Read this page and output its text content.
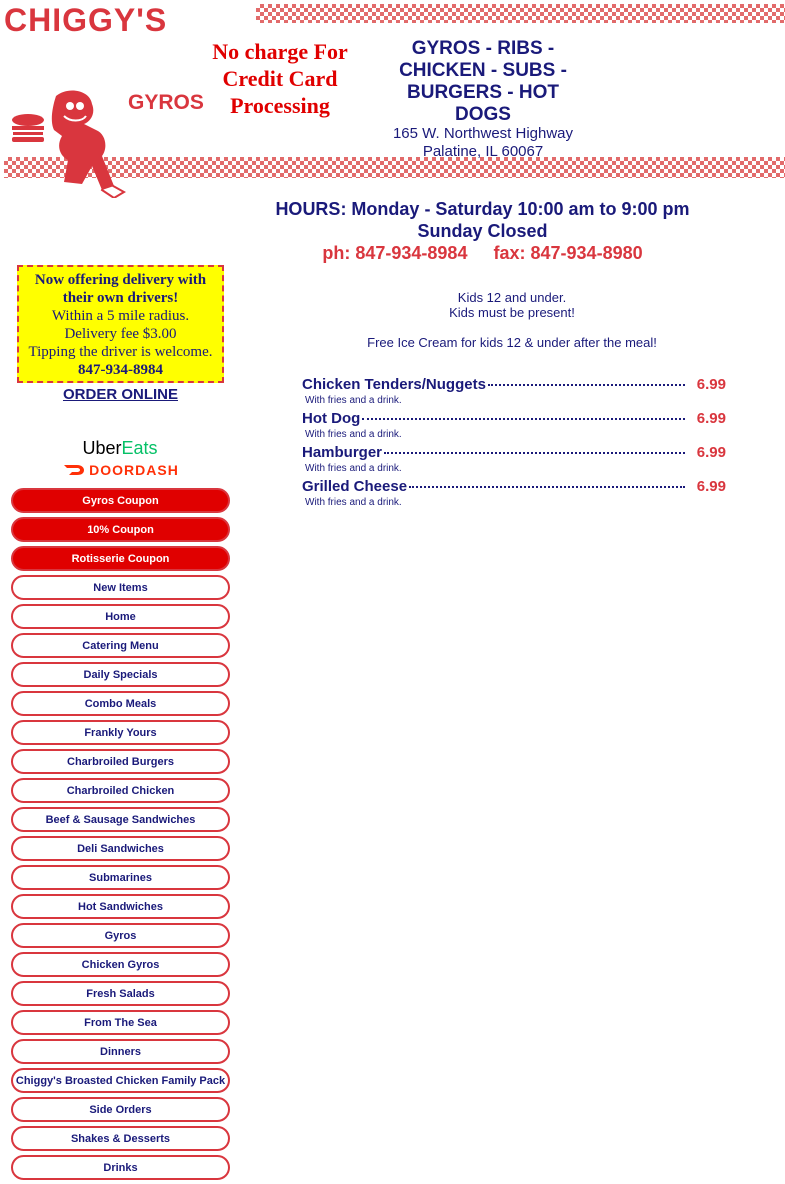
CHIGGY'S
GYROS
No charge For Credit Card Processing
GYROS - RIBS - CHICKEN - SUBS - BURGERS - HOT DOGS
165 W. Northwest Highway
Palatine, IL 60067
HOURS: Monday - Saturday 10:00 am to 9:00 pm
Sunday Closed
ph: 847-934-8984 fax: 847-934-8980
Now offering delivery with their own drivers!
Within a 5 mile radius.
Delivery fee $3.00
Tipping the driver is welcome.
847-934-8984
ORDER ONLINE
UberEats
DOORDASH
Gyros Coupon
10% Coupon
Rotisserie Coupon
New Items
Home
Catering Menu
Daily Specials
Combo Meals
Frankly Yours
Charbroiled Burgers
Charbroiled Chicken
Beef & Sausage Sandwiches
Deli Sandwiches
Submarines
Hot Sandwiches
Gyros
Chicken Gyros
Fresh Salads
From The Sea
Dinners
Chiggy's Broasted Chicken Family Pack
Side Orders
Shakes & Desserts
Drinks
Kids 12 and under.
Kids must be present!
Free Ice Cream for kids 12 & under after the meal!
Chicken Tenders/Nuggets	6.99
With fries and a drink.
Hot Dog	6.99
With fries and a drink.
Hamburger	6.99
With fries and a drink.
Grilled Cheese	6.99
With fries and a drink.
